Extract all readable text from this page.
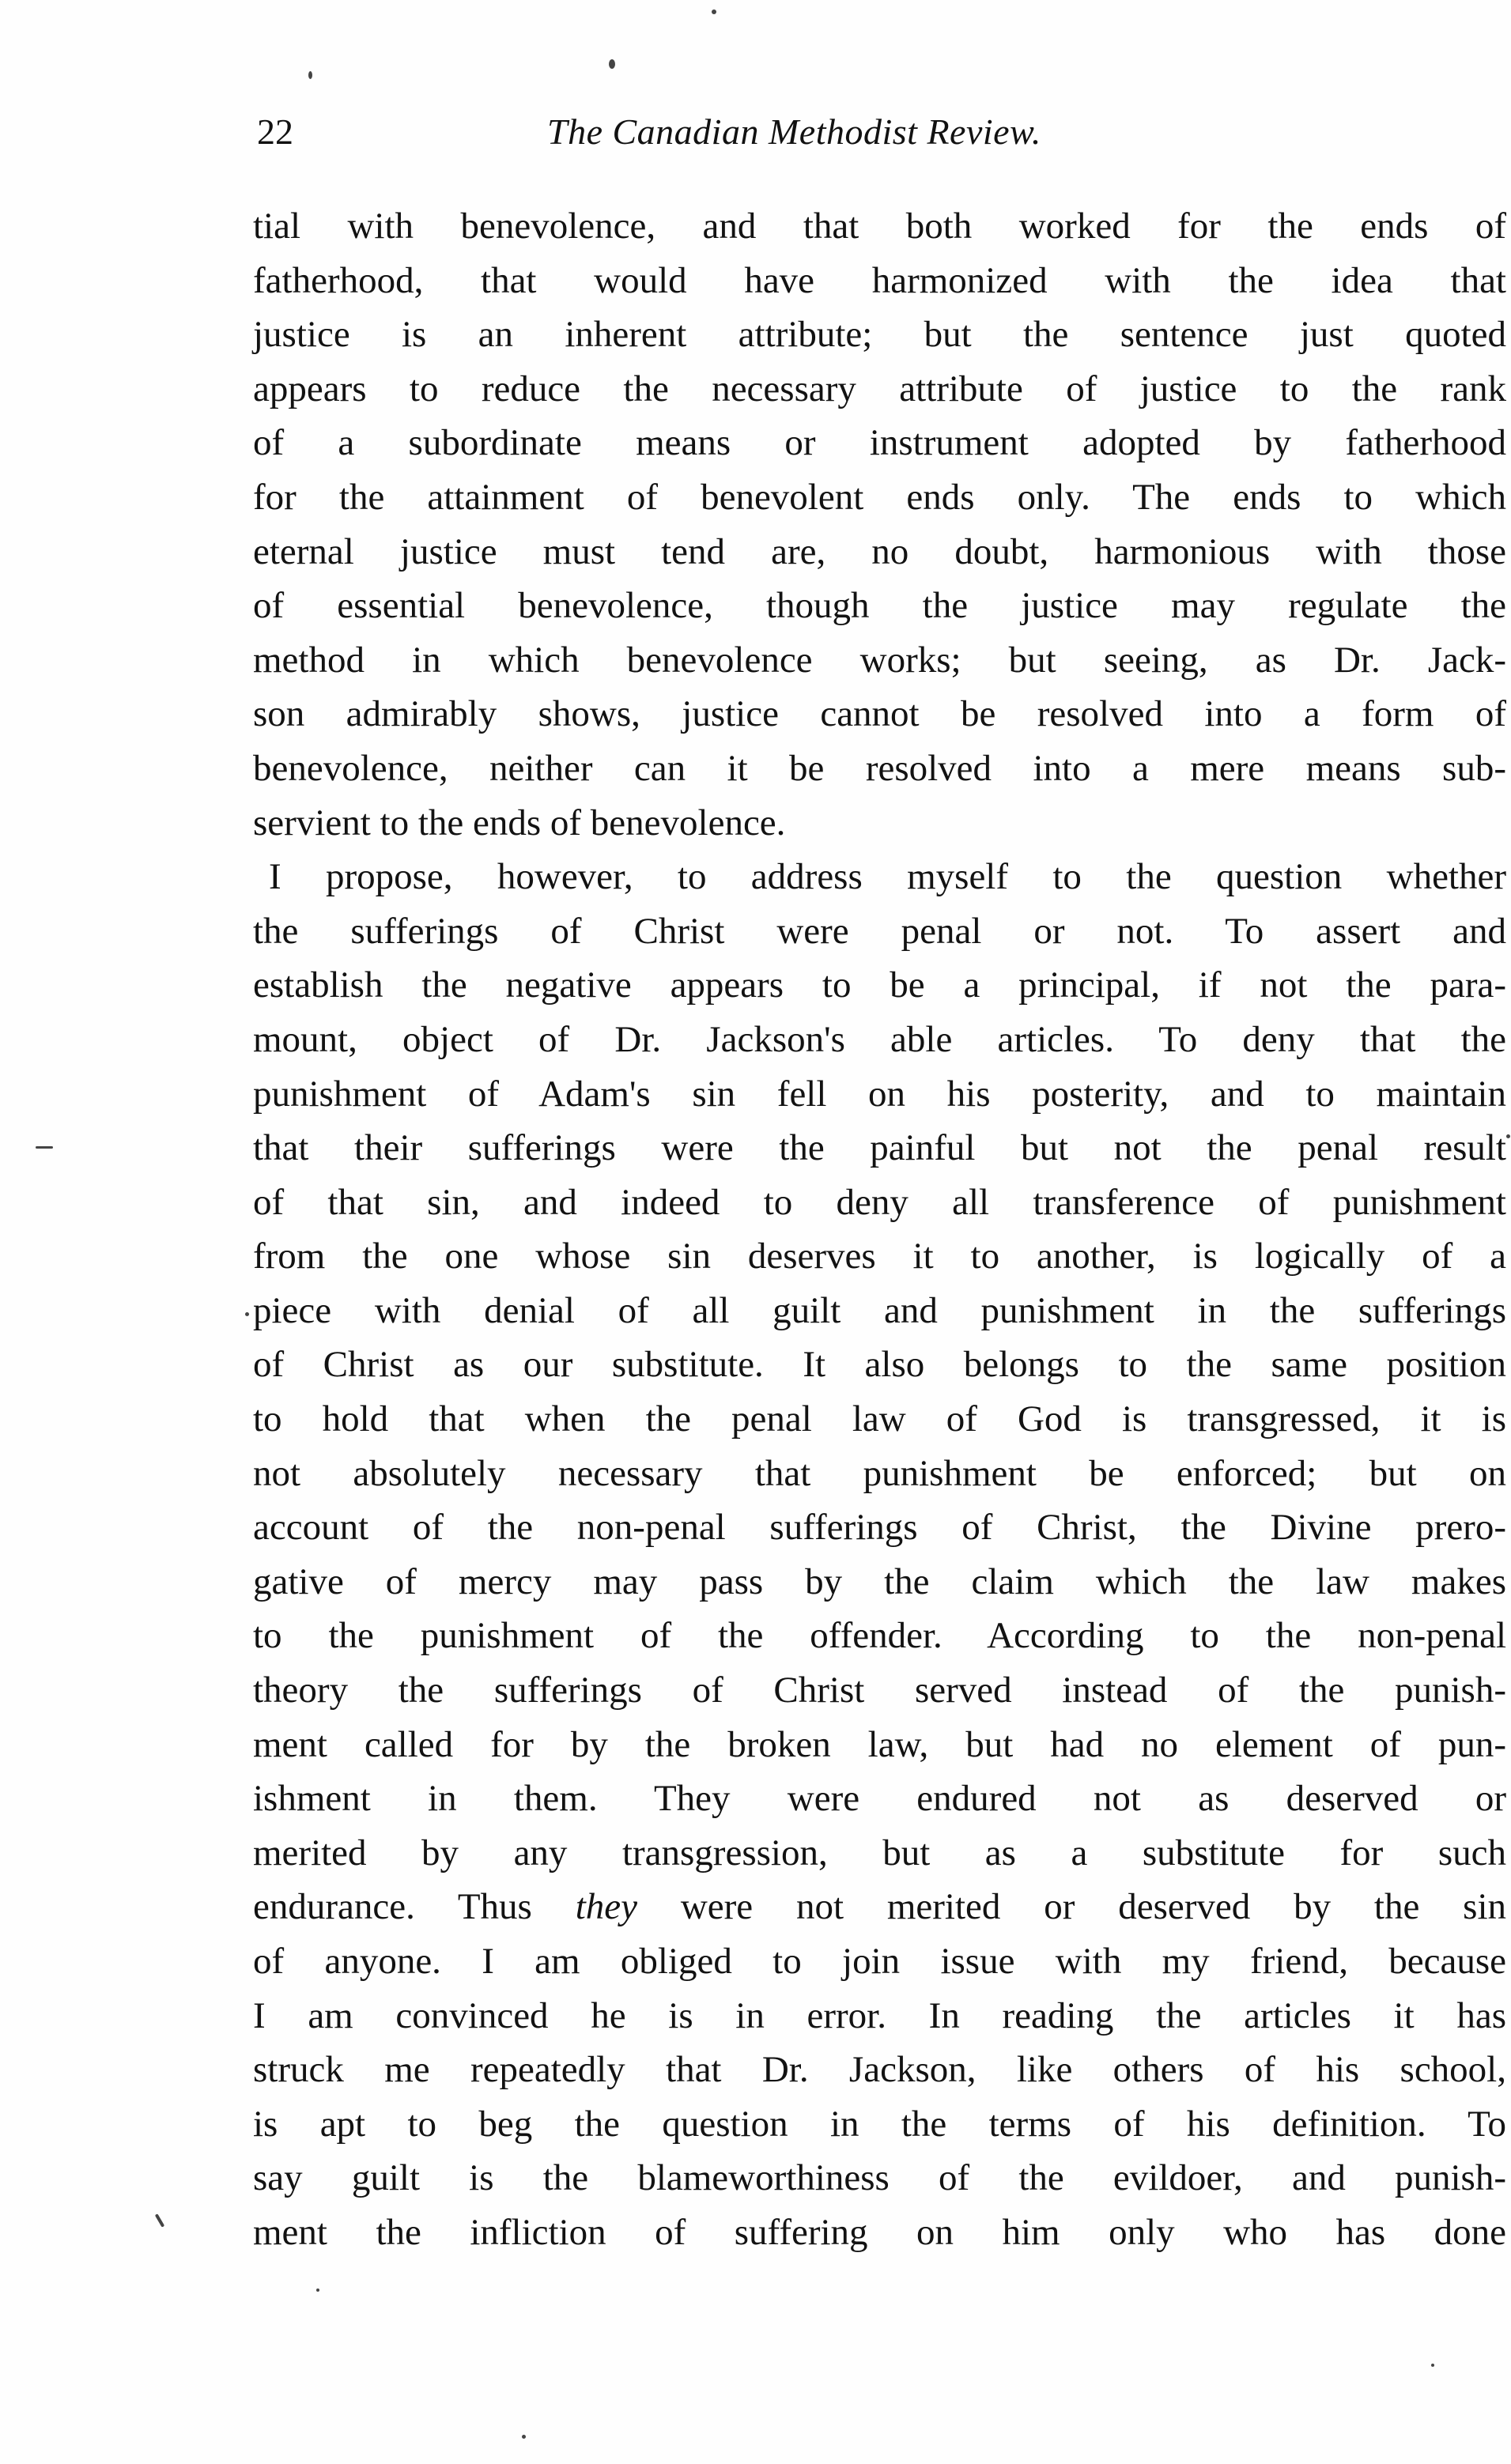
22	The Canadian Methodist Review.
tial with benevolence, and that both worked for the ends of
fatherhood, that would have harmonized with the idea that
justice is an inherent attribute; but the sentence just quoted
appears to reduce the necessary attribute of justice to the rank
of a subordinate means or instrument adopted by fatherhood
for the attainment of benevolent ends only. The ends to which
eternal justice must tend are, no doubt, harmonious with those
of essential benevolence, though the justice may regulate the
method in which benevolence works; but seeing, as Dr. Jack-
son admirably shows, justice cannot be resolved into a form of
benevolence, neither can it be resolved into a mere means sub-
servient to the ends of benevolence.
I propose, however, to address myself to the question whether
the sufferings of Christ were penal or not. To assert and
establish the negative appears to be a principal, if not the para-
mount, object of Dr. Jackson's able articles. To deny that the
punishment of Adam's sin fell on his posterity, and to maintain
that their sufferings were the painful but not the penal result
of that sin, and indeed to deny all transference of punishment
from the one whose sin deserves it to another, is logically of a
piece with denial of all guilt and punishment in the sufferings
of Christ as our substitute. It also belongs to the same position
to hold that when the penal law of God is transgressed, it is
not absolutely necessary that punishment be enforced; but on
account of the non-penal sufferings of Christ, the Divine prero-
gative of mercy may pass by the claim which the law makes
to the punishment of the offender. According to the non-penal
theory the sufferings of Christ served instead of the punish-
ment called for by the broken law, but had no element of pun-
ishment in them. They were endured not as deserved or
merited by any transgression, but as a substitute for such
endurance. Thus they were not merited or deserved by the sin
of anyone. I am obliged to join issue with my friend, because
I am convinced he is in error. In reading the articles it has
struck me repeatedly that Dr. Jackson, like others of his school,
is apt to beg the question in the terms of his definition. To
say guilt is the blameworthiness of the evildoer, and punish-
ment the infliction of suffering on him only who has done
